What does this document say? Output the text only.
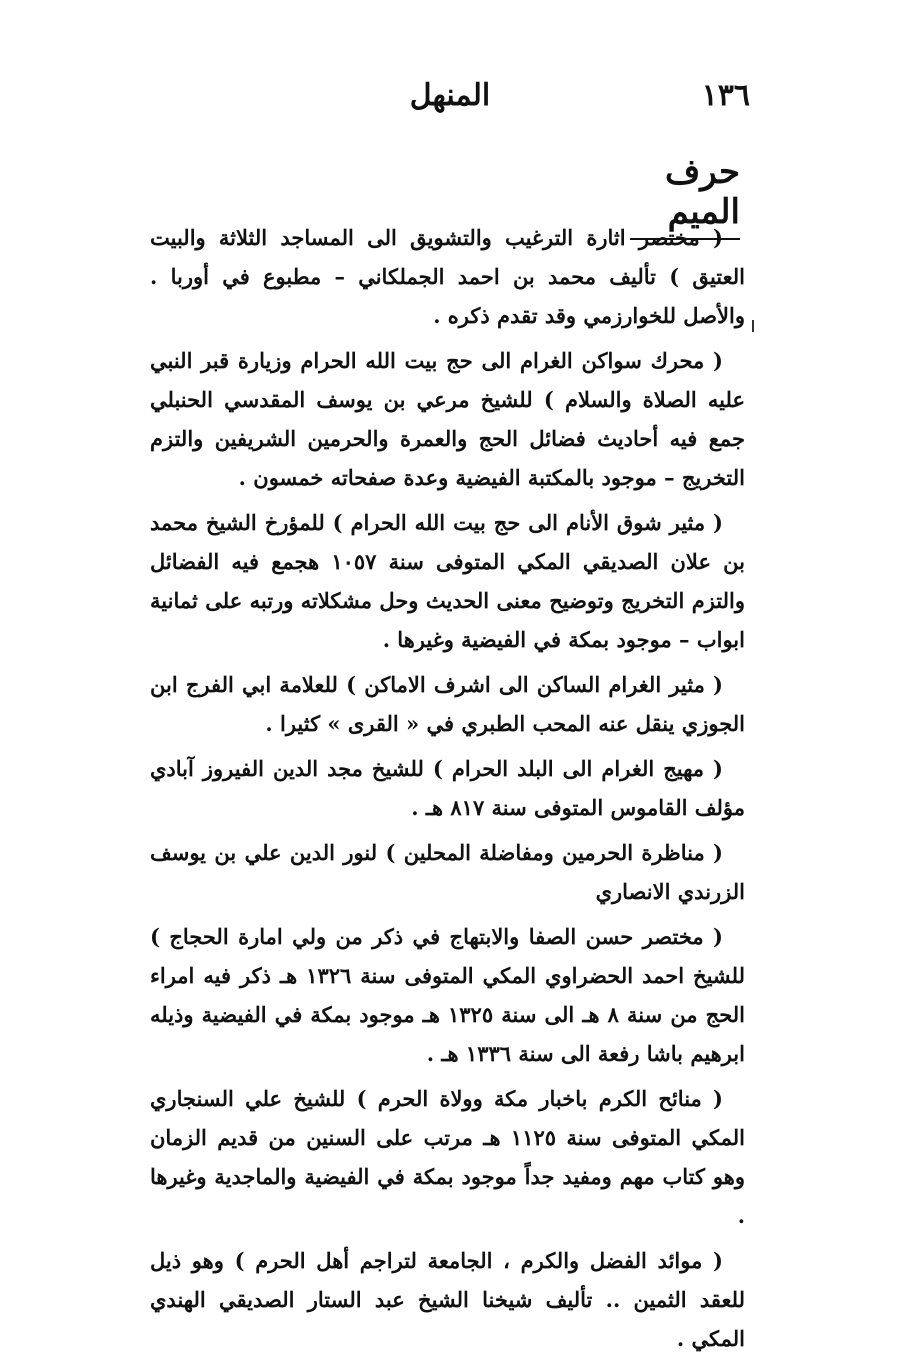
١٣٦
المنهل
حرف الميم

( مختصر اثارة الترغيب والتشويق الى المساجد الثلاثة والبيت العتيق ) تأليف محمد بن احمد الجملكاني – مطبوع في أوربا . والأصل للخوارزمي وقد تقدم ذكره .

( محرك سواكن الغرام الى حج بيت الله الحرام وزيارة قبر النبي عليه الصلاة والسلام ) للشيخ مرعي بن يوسف المقدسي الحنبلي جمع فيه أحاديث فضائل الحج والعمرة والحرمين الشريفين والتزم التخريج – موجود بالمكتبة الفيضية وعدة صفحاته خمسون .

( مثير شوق الأنام الى حج بيت الله الحرام ) للمؤرخ الشيخ محمد بن علان الصديقي المكي المتوفى سنة ١٠٥٧ هجمع فيه الفضائل والتزم التخريج وتوضيح معنى الحديث وحل مشكلاته ورتبه على ثمانية ابواب – موجود بمكة في الفيضية وغيرها .

( مثير الغرام الساكن الى اشرف الاماكن ) للعلامة ابي الفرج ابن الجوزي ينقل عنه المحب الطبري في « القرى » كثيرا .

( مهيج الغرام الى البلد الحرام ) للشيخ مجد الدين الفيروز آبادي مؤلف القاموس المتوفى سنة ٨١٧ هـ .

( مناظرة الحرمين ومفاضلة المحلين ) لنور الدين علي بن يوسف الزرندي الانصاري

( مختصر حسن الصفا والابتهاج في ذكر من ولي امارة الحجاج ) للشيخ احمد الحضراوي المكي المتوفى سنة ١٣٢٦ هـ ذكر فيه امراء الحج من سنة ٨ هـ الى سنة ١٣٢٥ هـ موجود بمكة في الفيضية وذيله ابرهيم باشا رفعة الى سنة ١٣٣٦ هـ .

( منائح الكرم باخبار مكة وولاة الحرم ) للشيخ علي السنجاري المكي المتوفى سنة ١١٢٥ هـ مرتب على السنين من قديم الزمان وهو كتاب مهم ومفيد جداً موجود بمكة في الفيضية والماجدية وغيرها .

( موائد الفضل والكرم ، الجامعة لتراجم أهل الحرم ) وهو ذيل للعقد الثمين .. تأليف شيخنا الشيخ عبد الستار الصديقي الهندي المكي .
